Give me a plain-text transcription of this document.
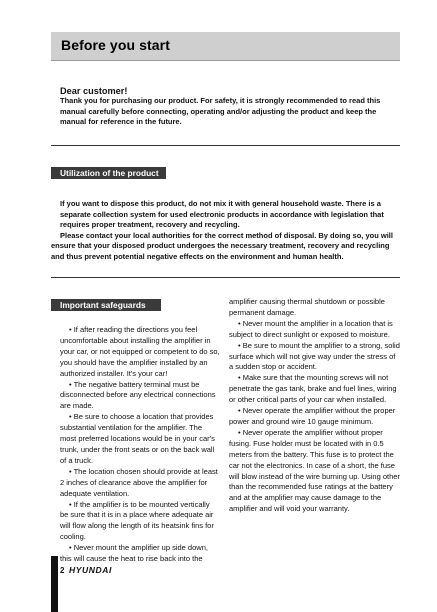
Before you start
Dear customer!
Thank you for purchasing our product. For safety, it is strongly recommended to read this manual carefully before connecting, operating and/or adjusting the product and keep the manual for reference in the future.
Utilization of the product
If you want to dispose this product, do not mix it with general household waste. There is a separate collection system for used electronic products in accordance with legislation that requires proper treatment, recovery and recycling.
Please contact your local authorities for the correct method of disposal. By doing so, you will ensure that your disposed product undergoes the necessary treatment, recovery and recycling and thus prevent potential negative effects on the environment and human health.
Important safeguards

• If after reading the directions you feel uncomfortable about installing the amplifier in your car, or not equipped or competent to do so, you should have the amplifier installed by an authorized installer. It's your car!

• The negative battery terminal must be disconnected before any electrical connections are made.

• Be sure to choose a location that provides substantial ventilation for the amplifier. The most preferred locations would be in your car's trunk, under the front seats or on the back wall of a truck.

• The location chosen should provide at least 2 inches of clearance above the amplifier for adequate ventilation.

• If the amplifier is to be mounted vertically be sure that it is in a place where adequate air will flow along the length of its heatsink fins for cooling.

• Never mount the amplifier up side down, this will cause the heat to rise back into the

amplifier causing thermal shutdown or possible permanent damage.

• Never mount the amplifier in a location that is subject to direct sunlight or exposed to moisture.

• Be sure to mount the amplifier to a strong, solid surface which will not give way under the stress of a sudden stop or accident.

• Make sure that the mounting screws will not penetrate the gas tank, brake and fuel lines, wiring or other critical parts of your car when installed.

• Never operate the amplifier without the proper power and ground wire 10 gauge minimum.

• Never operate the amplifier without proper fusing. Fuse holder must be located with in 0.5 meters from the battery. This fuse is to protect the car not the electronics. In case of a short, the fuse will blow instead of the wire burning up. Using other than the recommended fuse ratings at the battery and at the amplifier may cause damage to the amplifier and will void your warranty.

2 HYUNDAI
